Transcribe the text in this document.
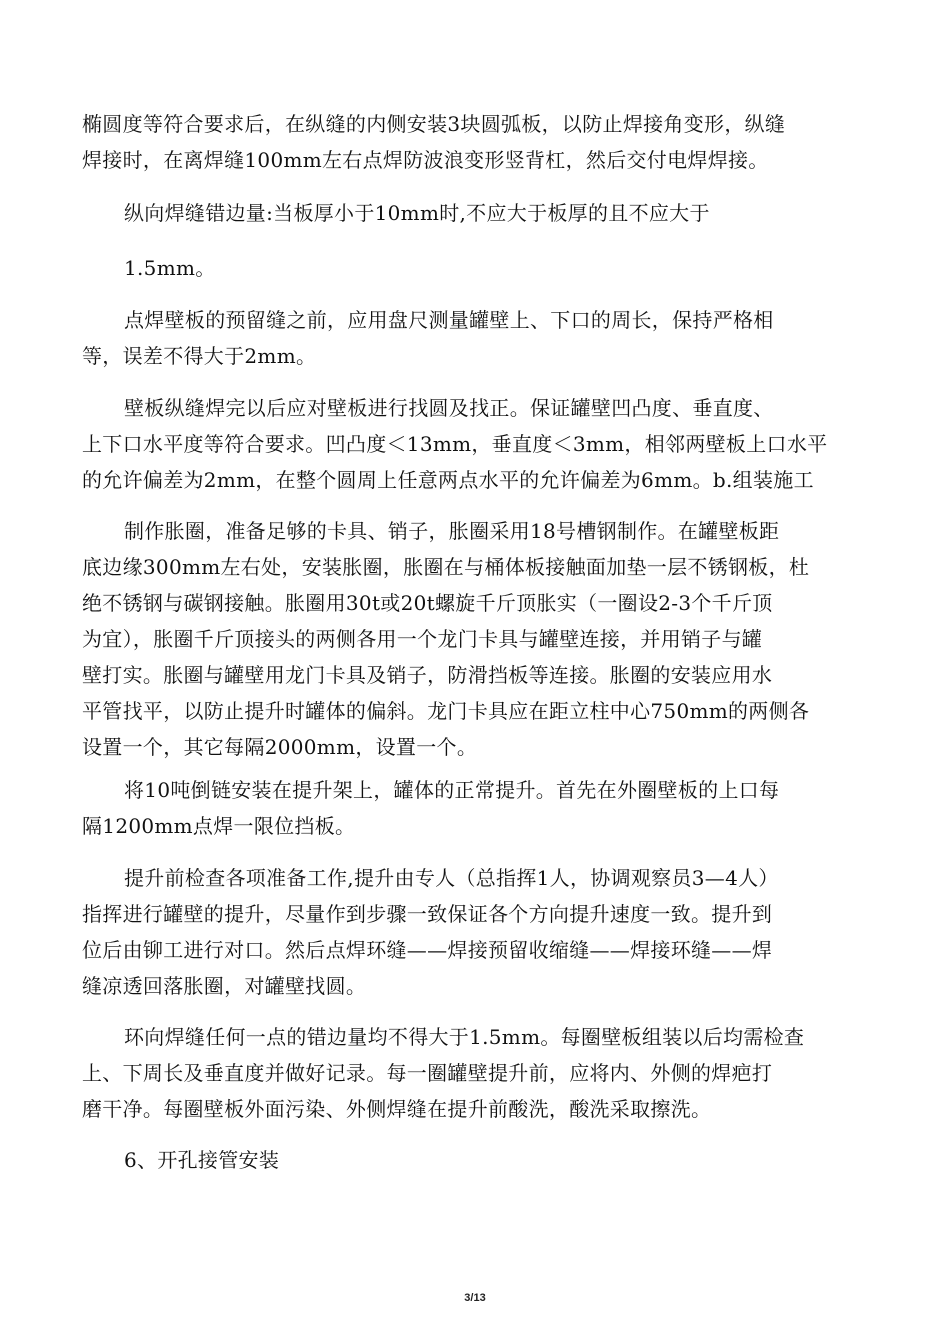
椭圆度等符合要求后，在纵缝的内侧安装3块圆弧板，以防止焊接角变形，纵缝
焊接时，在离焊缝100mm左右点焊防波浪变形竖背杠，然后交付电焊焊接。
纵向焊缝错边量:当板厚小于10mm时,不应大于板厚的且不应大于
1.5mm。
点焊壁板的预留缝之前，应用盘尺测量罐壁上、下口的周长，保持严格相
等，误差不得大于2mm。
壁板纵缝焊完以后应对壁板进行找圆及找正。保证罐壁凹凸度、垂直度、
上下口水平度等符合要求。凹凸度＜13mm，垂直度＜3mm，相邻两壁板上口水平
的允许偏差为2mm，在整个圆周上任意两点水平的允许偏差为6mm。b.组装施工
制作胀圈，准备足够的卡具、销子，胀圈采用18号槽钢制作。在罐壁板距
底边缘300mm左右处，安装胀圈，胀圈在与桶体板接触面加垫一层不锈钢板，杜
绝不锈钢与碳钢接触。胀圈用30t或20t螺旋千斤顶胀实（一圈设2-3个千斤顶
为宜），胀圈千斤顶接头的两侧各用一个龙门卡具与罐壁连接，并用销子与罐
壁打实。胀圈与罐壁用龙门卡具及销子，防滑挡板等连接。胀圈的安装应用水
平管找平，以防止提升时罐体的偏斜。龙门卡具应在距立柱中心750mm的两侧各
设置一个，其它每隔2000mm，设置一个。
将10吨倒链安装在提升架上，罐体的正常提升。首先在外圈壁板的上口每
隔1200mm点焊一限位挡板。
提升前检查各项准备工作,提升由专人（总指挥1人，协调观察员3—4人）
指挥进行罐壁的提升，尽量作到步骤一致保证各个方向提升速度一致。提升到
位后由铆工进行对口。然后点焊环缝——焊接预留收缩缝——焊接环缝——焊
缝凉透回落胀圈，对罐壁找圆。
环向焊缝任何一点的错边量均不得大于1.5mm。每圈壁板组装以后均需检查
上、下周长及垂直度并做好记录。每一圈罐壁提升前，应将内、外侧的焊疤打
磨干净。每圈壁板外面污染、外侧焊缝在提升前酸洗，酸洗采取擦洗。
6、开孔接管安装
3/13
